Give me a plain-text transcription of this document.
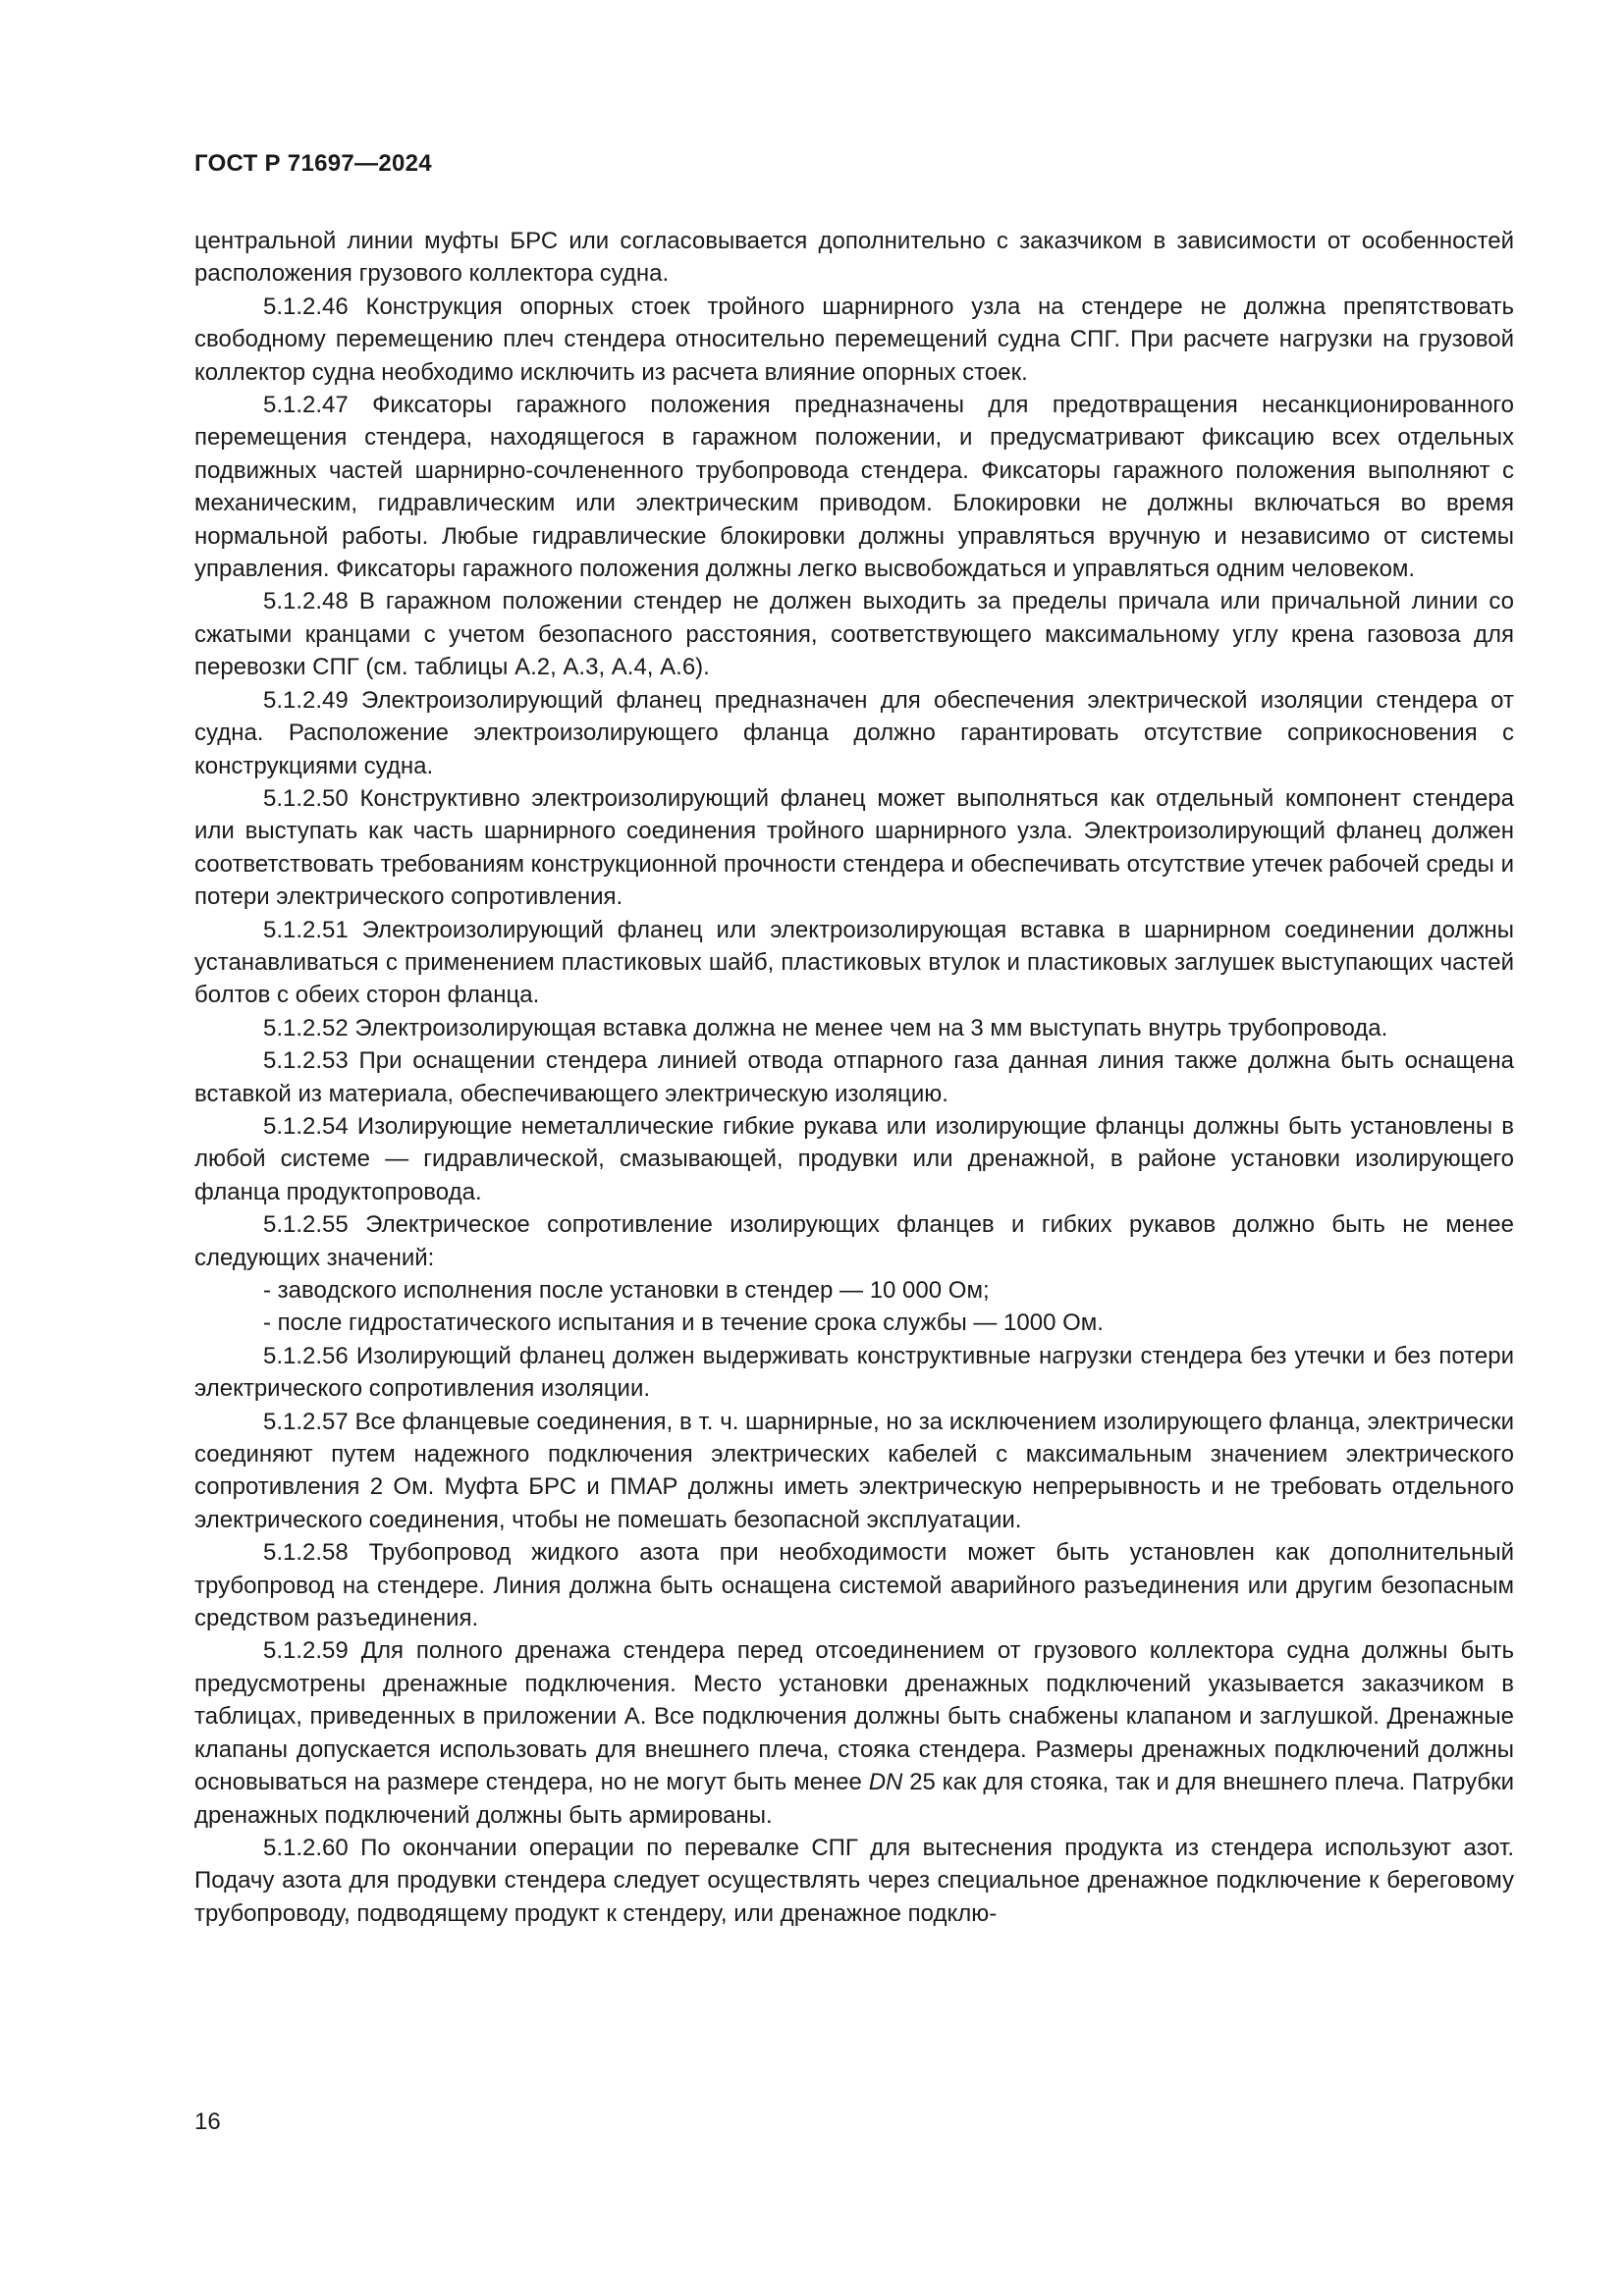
ГОСТ Р 71697—2024

центральной линии муфты БРС или согласовывается дополнительно с заказчиком в зависимости от особенностей расположения грузового коллектора судна.

5.1.2.46 Конструкция опорных стоек тройного шарнирного узла на стендере не должна препятствовать свободному перемещению плеч стендера относительно перемещений судна СПГ. При расчете нагрузки на грузовой коллектор судна необходимо исключить из расчета влияние опорных стоек.

5.1.2.47 Фиксаторы гаражного положения предназначены для предотвращения несанкционированного перемещения стендера, находящегося в гаражном положении, и предусматривают фиксацию всех отдельных подвижных частей шарнирно-сочлененного трубопровода стендера. Фиксаторы гаражного положения выполняют с механическим, гидравлическим или электрическим приводом. Блокировки не должны включаться во время нормальной работы. Любые гидравлические блокировки должны управляться вручную и независимо от системы управления. Фиксаторы гаражного положения должны легко высвобождаться и управляться одним человеком.

5.1.2.48 В гаражном положении стендер не должен выходить за пределы причала или причальной линии со сжатыми кранцами с учетом безопасного расстояния, соответствующего максимальному углу крена газовоза для перевозки СПГ (см. таблицы А.2, А.3, А.4, А.6).

5.1.2.49 Электроизолирующий фланец предназначен для обеспечения электрической изоляции стендера от судна. Расположение электроизолирующего фланца должно гарантировать отсутствие соприкосновения с конструкциями судна.

5.1.2.50 Конструктивно электроизолирующий фланец может выполняться как отдельный компонент стендера или выступать как часть шарнирного соединения тройного шарнирного узла. Электроизолирующий фланец должен соответствовать требованиям конструкционной прочности стендера и обеспечивать отсутствие утечек рабочей среды и потери электрического сопротивления.

5.1.2.51 Электроизолирующий фланец или электроизолирующая вставка в шарнирном соединении должны устанавливаться с применением пластиковых шайб, пластиковых втулок и пластиковых заглушек выступающих частей болтов с обеих сторон фланца.

5.1.2.52 Электроизолирующая вставка должна не менее чем на 3 мм выступать внутрь трубопровода.

5.1.2.53 При оснащении стендера линией отвода отпарного газа данная линия также должна быть оснащена вставкой из материала, обеспечивающего электрическую изоляцию.

5.1.2.54 Изолирующие неметаллические гибкие рукава или изолирующие фланцы должны быть установлены в любой системе — гидравлической, смазывающей, продувки или дренажной, в районе установки изолирующего фланца продуктопровода.

5.1.2.55 Электрическое сопротивление изолирующих фланцев и гибких рукавов должно быть не менее следующих значений:

- заводского исполнения после установки в стендер — 10 000 Ом;

- после гидростатического испытания и в течение срока службы — 1000 Ом.

5.1.2.56 Изолирующий фланец должен выдерживать конструктивные нагрузки стендера без утечки и без потери электрического сопротивления изоляции.

5.1.2.57 Все фланцевые соединения, в т. ч. шарнирные, но за исключением изолирующего фланца, электрически соединяют путем надежного подключения электрических кабелей с максимальным значением электрического сопротивления 2 Ом. Муфта БРС и ПМАР должны иметь электрическую непрерывность и не требовать отдельного электрического соединения, чтобы не помешать безопасной эксплуатации.

5.1.2.58 Трубопровод жидкого азота при необходимости может быть установлен как дополнительный трубопровод на стендере. Линия должна быть оснащена системой аварийного разъединения или другим безопасным средством разъединения.

5.1.2.59 Для полного дренажа стендера перед отсоединением от грузового коллектора судна должны быть предусмотрены дренажные подключения. Место установки дренажных подключений указывается заказчиком в таблицах, приведенных в приложении А. Все подключения должны быть снабжены клапаном и заглушкой. Дренажные клапаны допускается использовать для внешнего плеча, стояка стендера. Размеры дренажных подключений должны основываться на размере стендера, но не могут быть менее DN 25 как для стояка, так и для внешнего плеча. Патрубки дренажных подключений должны быть армированы.

5.1.2.60 По окончании операции по перевалке СПГ для вытеснения продукта из стендера используют азот. Подачу азота для продувки стендера следует осуществлять через специальное дренажное подключение к береговому трубопроводу, подводящему продукт к стендеру, или дренажное подклю-

16
